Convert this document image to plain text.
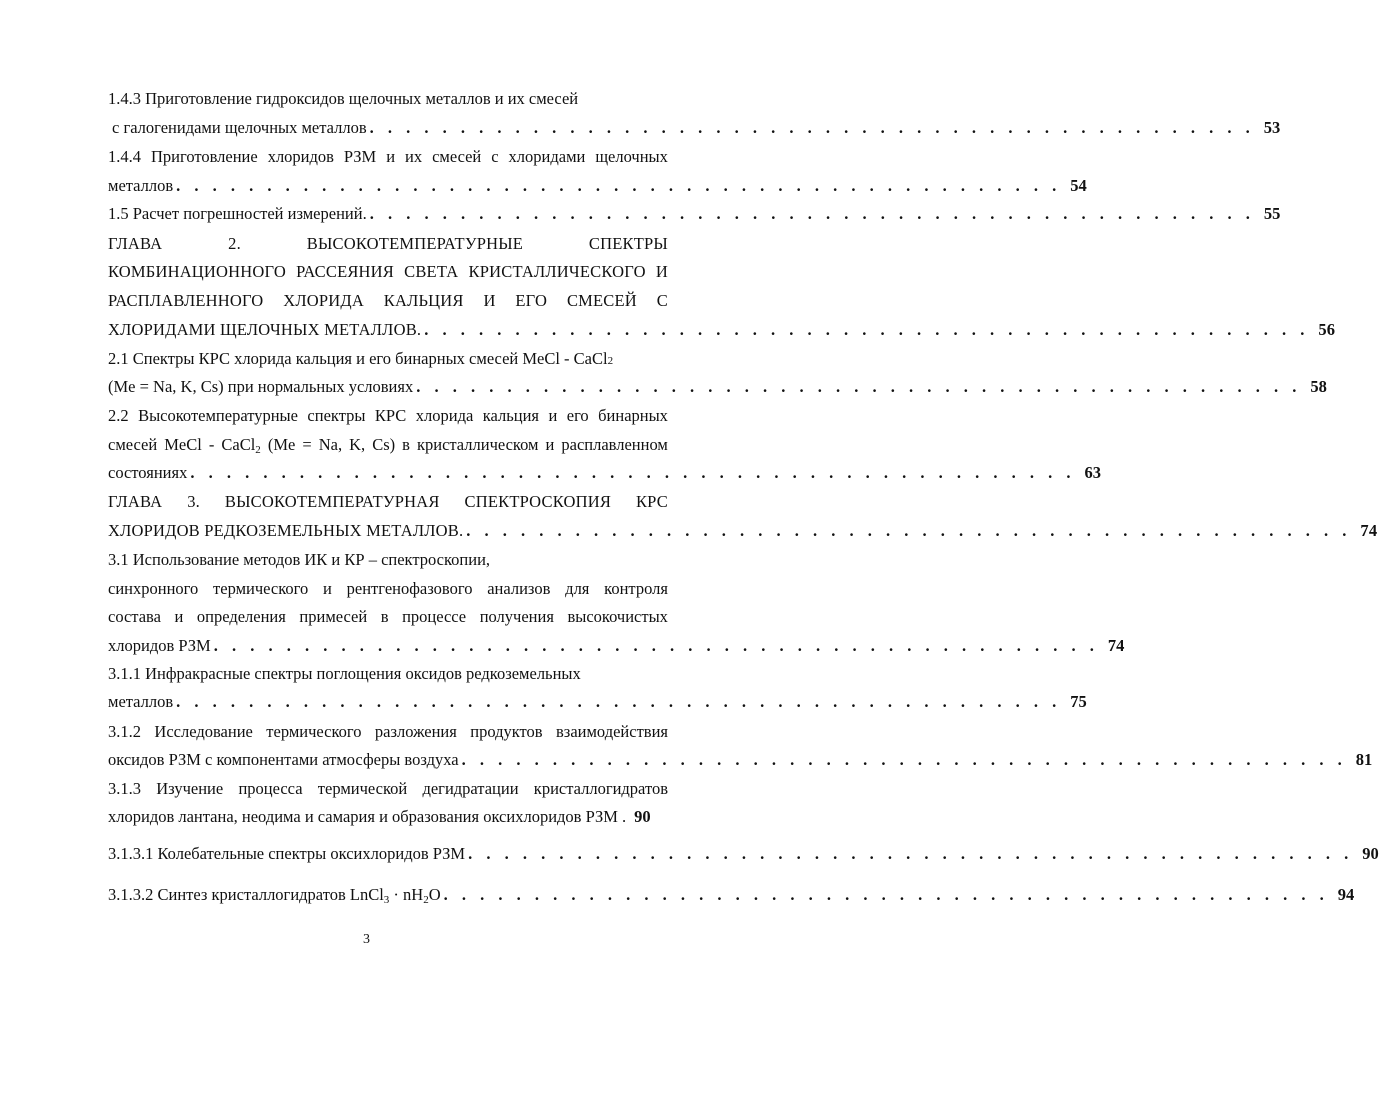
1.4.3 Приготовление гидроксидов щелочных металлов и их смесей
с галогенидами щелочных металлов . . . . . . . . . . . . . . . . . . . . . . . . . . . . . . . . . . . . . . . . . . . . . . . . . 53
1.4.4 Приготовление хлоридов РЗМ и их смесей с хлоридами щелочных
металлов . . . . . . . . . . . . . . . . . . . . . . . . . . . . . . . . . . . . . . . . . . . . . . . . . 54
1.5 Расчет погрешностей измерений. . . . . . . . . . . . . . . . . . . . . . . . . . . . . . . . . . . . . . . . . . . . . . . . . . 55
ГЛАВА	2.	ВЫСОКОТЕМПЕРАТУРНЫЕ	СПЕКТРЫ
КОМБИНАЦИОННОГО РАССЕЯНИЯ СВЕТА КРИСТАЛЛИЧЕСКОГО И
РАСПЛАВЛЕННОГО ХЛОРИДА КАЛЬЦИЯ И ЕГО СМЕСЕЙ С
ХЛОРИДАМИ ЩЕЛОЧНЫХ МЕТАЛЛОВ. . . . . . . . . . . . . . . . . . . . . . . . . . . . . . . . . . . . . . . . . . . . . . . . . . 56
2.1 Спектры КРС хлорида кальция и его бинарных смесей MeCl - CaCl 2
(Me = Na, K, Cs) при нормальных условиях . . . . . . . . . . . . . . . . . . . . . . . . . . . . . . . . . . . . . . . . . . . . . . . . . 58
2.2 Высокотемпературные спектры КРС хлорида кальция и его бинарных
смесей MeCl - CaCl$_2$ (Me = Na, K, Cs) в кристаллическом и расплавленном
состояниях . . . . . . . . . . . . . . . . . . . . . . . . . . . . . . . . . . . . . . . . . . . . . . . . . 63
ГЛАВА 3. ВЫСОКОТЕМПЕРАТУРНАЯ СПЕКТРОСКОПИЯ КРС
ХЛОРИДОВ РЕДКОЗЕМЕЛЬНЫХ МЕТАЛЛОВ. . . . . . . . . . . . . . . . . . . . . . . . . . . . . . . . . . . . . . . . . . . . . . . . . . 74
3.1 Использование методов ИК и КР – спектроскопии,
синхронного термического и рентгенофазового анализов для контроля
состава и определения примесей в процессе получения высокочистых
хлоридов РЗМ . . . . . . . . . . . . . . . . . . . . . . . . . . . . . . . . . . . . . . . . . . . . . . . . . 74
3.1.1 Инфракрасные спектры поглощения оксидов редкоземельных
металлов . . . . . . . . . . . . . . . . . . . . . . . . . . . . . . . . . . . . . . . . . . . . . . . . . 75
3.1.2 Исследование термического разложения продуктов взаимодействия
оксидов РЗМ с компонентами атмосферы воздуха . . . . . . . . . . . . . . . . . . . . . . . . . . . . . . . . . . . . . . . . . . . . . . . . . 81
3.1.3 Изучение процесса термической дегидратации кристаллогидратов
хлоридов лантана, неодима и самария и образования оксихлоридов РЗМ . 90
3.1.3.1 Колебательные спектры оксихлоридов РЗМ . . . . . . . . . . . . . . . . . . . . . . . . . . . . . . . . . . . . . . . . . . . . . . . . . 90
3.1.3.2 Синтез кристаллогидратов LnCl$_3$ · $nH_2O$ . . . . . . . . . . . . . . . . . . . . . . . . . . . . . . . . . . . . . . . . . . . . . . . . . 94
3
